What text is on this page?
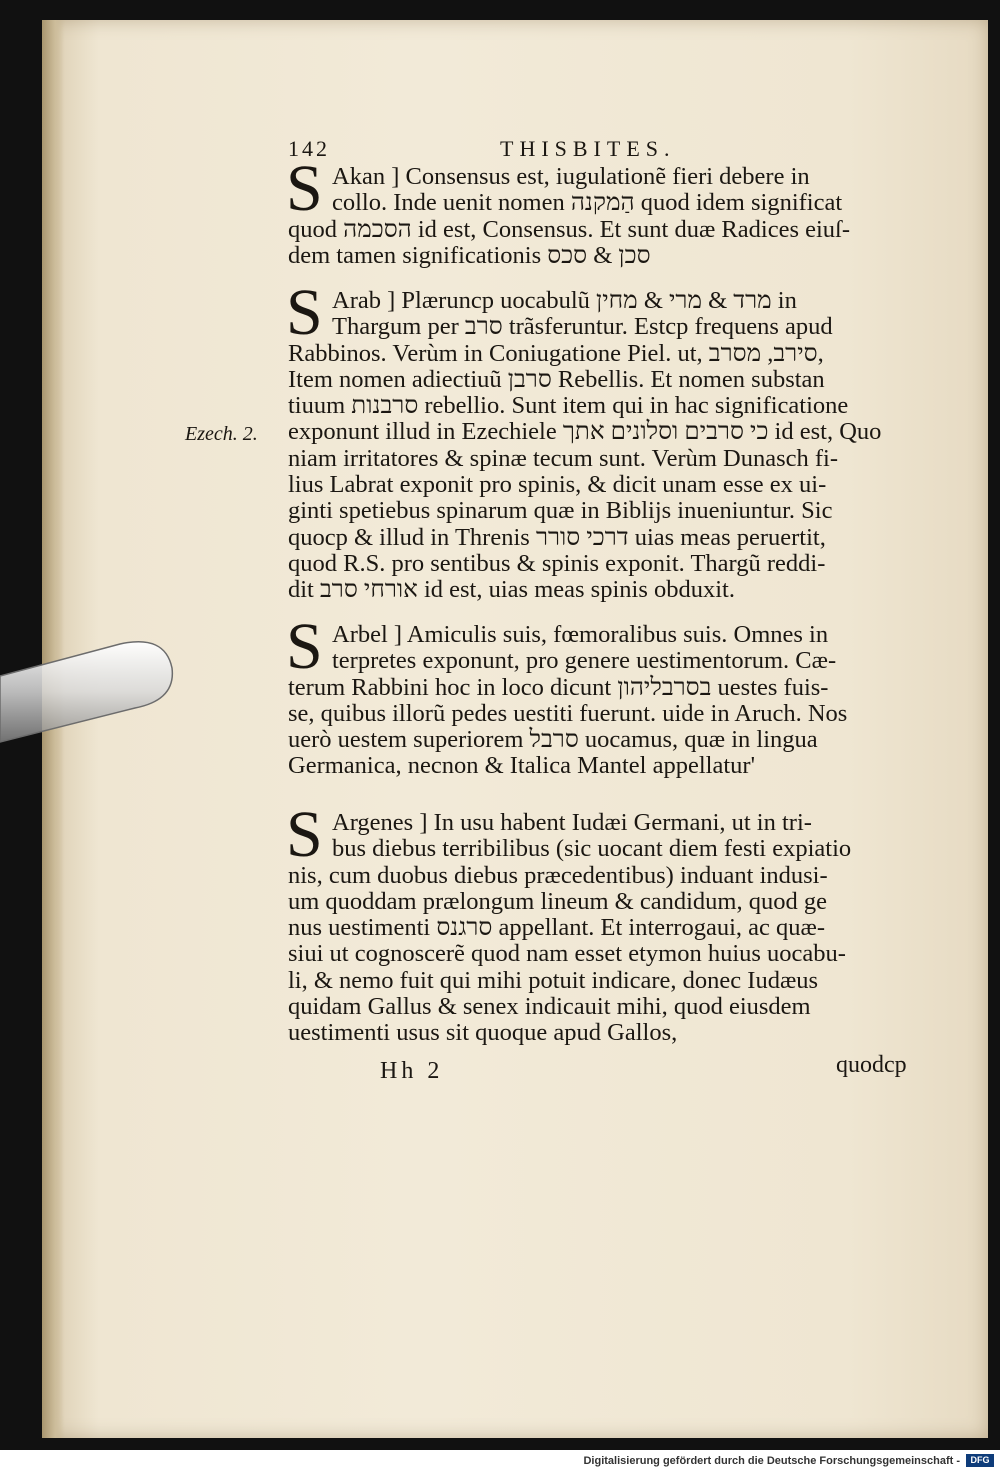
142	THISBITES.
Ezech. 2.
S Akan ] Consensus est, iugulationẽ fieri debere in
collo. Inde uenit nomen הַמקנה quod idem significat
quod הסכמה id est, Consensus. Et sunt duæ Radices eiuſ-
dem tamen significationis סכן & סכס
S Arab ] Plæruncp uocabulũ מרד & מרי & מחין in
Thargum per סרב trãsferuntur. Estcp frequens apud
Rabbinos. Verùm in Coniugatione Piel. ut, סירב, מסרב,
Item nomen adiectiuũ סרבן Rebellis. Et nomen substan
tiuum סרבנות rebellio. Sunt item qui in hac significatione
exponunt illud in Ezechiele כי סרבים וסלונים אתך id est, Quo
niam irritatores & spinæ tecum sunt. Verùm Dunasch fi-
lius Labrat exponit pro spinis, & dicit unam esse ex ui-
ginti spetiebus spinarum quæ in Biblijs inueniuntur. Sic
quocp & illud in Threnis דרכי סורר uias meas peruertit,
quod R.S. pro sentibus & spinis exponit. Thargũ reddi-
dit אורחי סרב id est, uias meas spinis obduxit.
S Arbel ] Amiculis suis, fœmoralibus suis. Omnes in
terpretes exponunt, pro genere uestimentorum. Cæ-
terum Rabbini hoc in loco dicunt בסרבליהון uestes fuis-
se, quibus illorũ pedes uestiti fuerunt. uide in Aruch. Nos
uerò uestem superiorem סרבל uocamus, quæ in lingua
Germanica, necnon & Italica Mantel appellatur'
S Argenes ] In usu habent Iudæi Germani, ut in tri-
bus diebus terribilibus (sic uocant diem festi expiatio
nis, cum duobus diebus præcedentibus) induant indusi-
um quoddam prælongum lineum & candidum, quod ge
nus uestimenti סרגנס appellant. Et interrogaui, ac quæ-
siui ut cognoscerẽ quod nam esset etymon huius uocabu-
li, & nemo fuit qui mihi potuit indicare, donec Iudæus
quidam Gallus & senex indicauit mihi, quod eiusdem
uestimenti usus sit quoque apud Gallos,
Hh 2	quodcp
Digitalisierung gefördert durch die Deutsche Forschungsgemeinschaft -	DFG
